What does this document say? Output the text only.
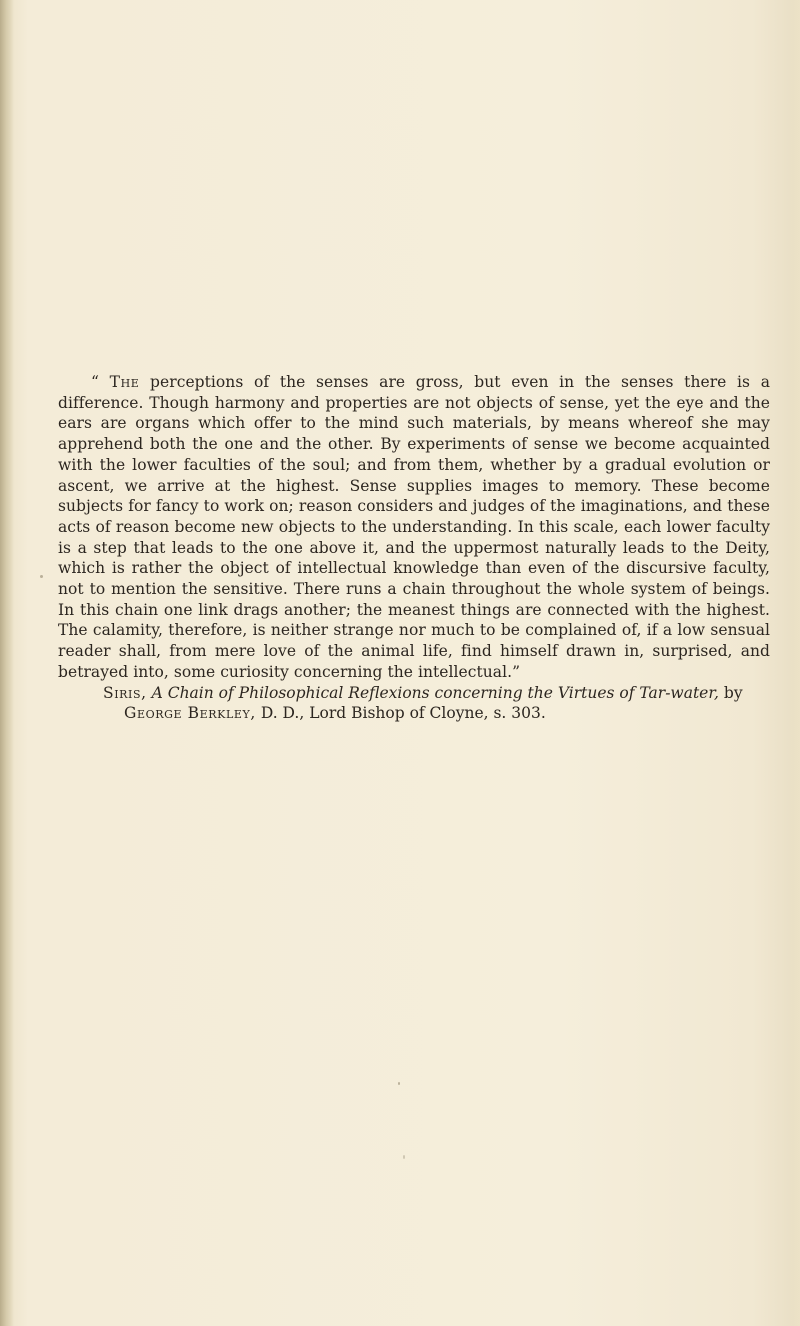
“ The perceptions of the senses are gross, but even in the senses there is a difference. Though harmony and properties are not objects of sense, yet the eye and the ears are organs which offer to the mind such materials, by means whereof she may apprehend both the one and the other. By experiments of sense we become acquainted with the lower faculties of the soul; and from them, whether by a gradual evolution or ascent, we arrive at the highest. Sense supplies images to memory. These become subjects for fancy to work on; reason considers and judges of the imaginations, and these acts of reason become new objects to the understanding. In this scale, each lower faculty is a step that leads to the one above it, and the uppermost naturally leads to the Deity, which is rather the object of intellectual knowledge than even of the discursive faculty, not to mention the sensitive. There runs a chain throughout the whole system of beings. In this chain one link drags another; the meanest things are connected with the highest. The calamity, therefore, is neither strange nor much to be complained of, if a low sensual reader shall, from mere love of the animal life, find himself drawn in, surprised, and betrayed into, some curiosity concerning the intellectual.”

Siris, A Chain of Philosophical Reflexions concerning the Virtues of Tar-water, by George Berkley, D. D., Lord Bishop of Cloyne, s. 303.
